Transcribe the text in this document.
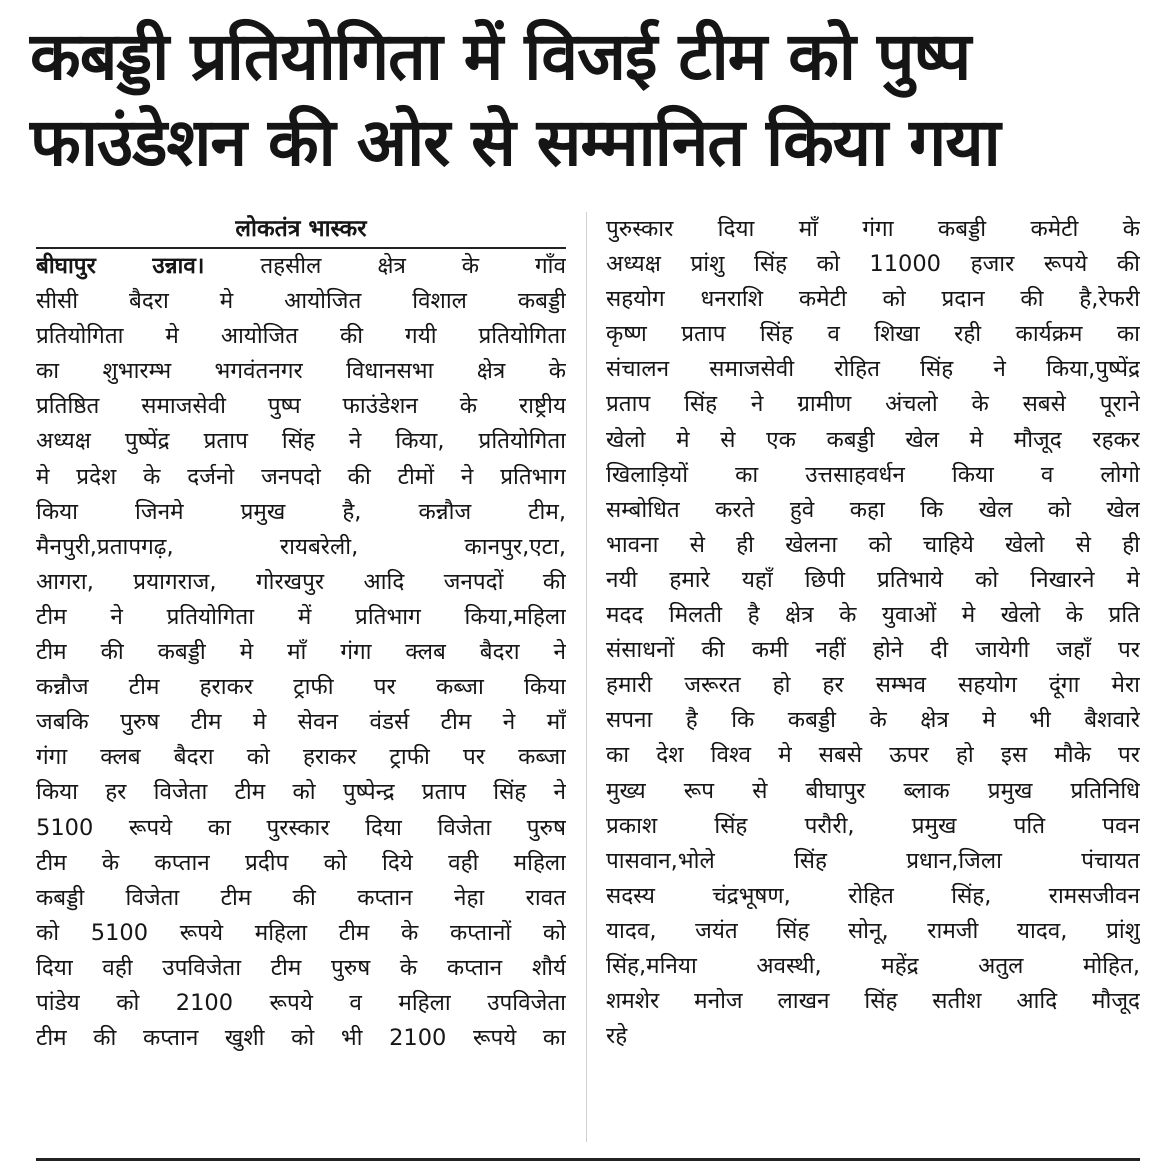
कबड्डी प्रतियोगिता में विजई टीम को पुष्प
फाउंडेशन की ओर से सम्मानित किया गया
लोकतंत्र भास्कर
बीघापुर उन्नाव। तहसील क्षेत्र के गाँव
सीसी बैदरा मे आयोजित विशाल कबड्डी
प्रतियोगिता मे आयोजित की गयी प्रतियोगिता
का शुभारम्भ भगवंतनगर विधानसभा क्षेत्र के
प्रतिष्ठित समाजसेवी पुष्प फाउंडेशन के राष्ट्रीय
अध्यक्ष पुष्पेंद्र प्रताप सिंह ने किया, प्रतियोगिता
मे प्रदेश के दर्जनो जनपदो की टीमों ने प्रतिभाग
किया जिनमे प्रमुख है, कन्नौज टीम,
मैनपुरी,प्रतापगढ़, रायबरेली, कानपुर,एटा,
आगरा, प्रयागराज, गोरखपुर आदि जनपदों की
टीम ने प्रतियोगिता में प्रतिभाग किया,महिला
टीम की कबड्डी मे माँ गंगा क्लब बैदरा ने
कन्नौज टीम हराकर ट्राफी पर कब्जा किया
जबकि पुरुष टीम मे सेवन वंडर्स टीम ने माँ
गंगा क्लब बैदरा को हराकर ट्राफी पर कब्जा
किया हर विजेता टीम को पुष्पेन्द्र प्रताप सिंह ने
5100 रूपये का पुरस्कार दिया विजेता पुरुष
टीम के कप्तान प्रदीप को दिये वही महिला
कबड्डी विजेता टीम की कप्तान नेहा रावत
को 5100 रूपये महिला टीम के कप्तानों को
दिया वही उपविजेता टीम पुरुष के कप्तान शौर्य
पांडेय को 2100 रूपये व महिला उपविजेता
टीम की कप्तान खुशी को भी 2100 रूपये का
पुरुस्कार दिया माँ गंगा कबड्डी कमेटी के
अध्यक्ष प्रांशु सिंह को 11000 हजार रूपये की
सहयोग धनराशि कमेटी को प्रदान की है,रेफरी
कृष्ण प्रताप सिंह व शिखा रही कार्यक्रम का
संचालन समाजसेवी रोहित सिंह ने किया,पुष्पेंद्र
प्रताप सिंह ने ग्रामीण अंचलो के सबसे पूराने
खेलो मे से एक कबड्डी खेल मे मौजूद रहकर
खिलाड़ियों का उत्तसाहवर्धन किया व लोगो
सम्बोधित करते हुवे कहा कि खेल को खेल
भावना से ही खेलना को चाहिये खेलो से ही
नयी हमारे यहाँ छिपी प्रतिभाये को निखारने मे
मदद मिलती है क्षेत्र के युवाओं मे खेलो के प्रति
संसाधनों की कमी नहीं होने दी जायेगी जहाँ पर
हमारी जरूरत हो हर सम्भव सहयोग दूंगा मेरा
सपना है कि कबड्डी के क्षेत्र मे भी बैशवारे
का देश विश्व मे सबसे ऊपर हो इस मौके पर
मुख्य रूप से बीघापुर ब्लाक प्रमुख प्रतिनिधि
प्रकाश सिंह परौरी, प्रमुख पति पवन
पासवान,भोले सिंह प्रधान,जिला पंचायत
सदस्य चंद्रभूषण, रोहित सिंह, रामसजीवन
यादव, जयंत सिंह सोनू, रामजी यादव, प्रांशु
सिंह,मनिया अवस्थी, महेंद्र अतुल मोहित,
शमशेर मनोज लाखन सिंह सतीश आदि मौजूद
रहे
